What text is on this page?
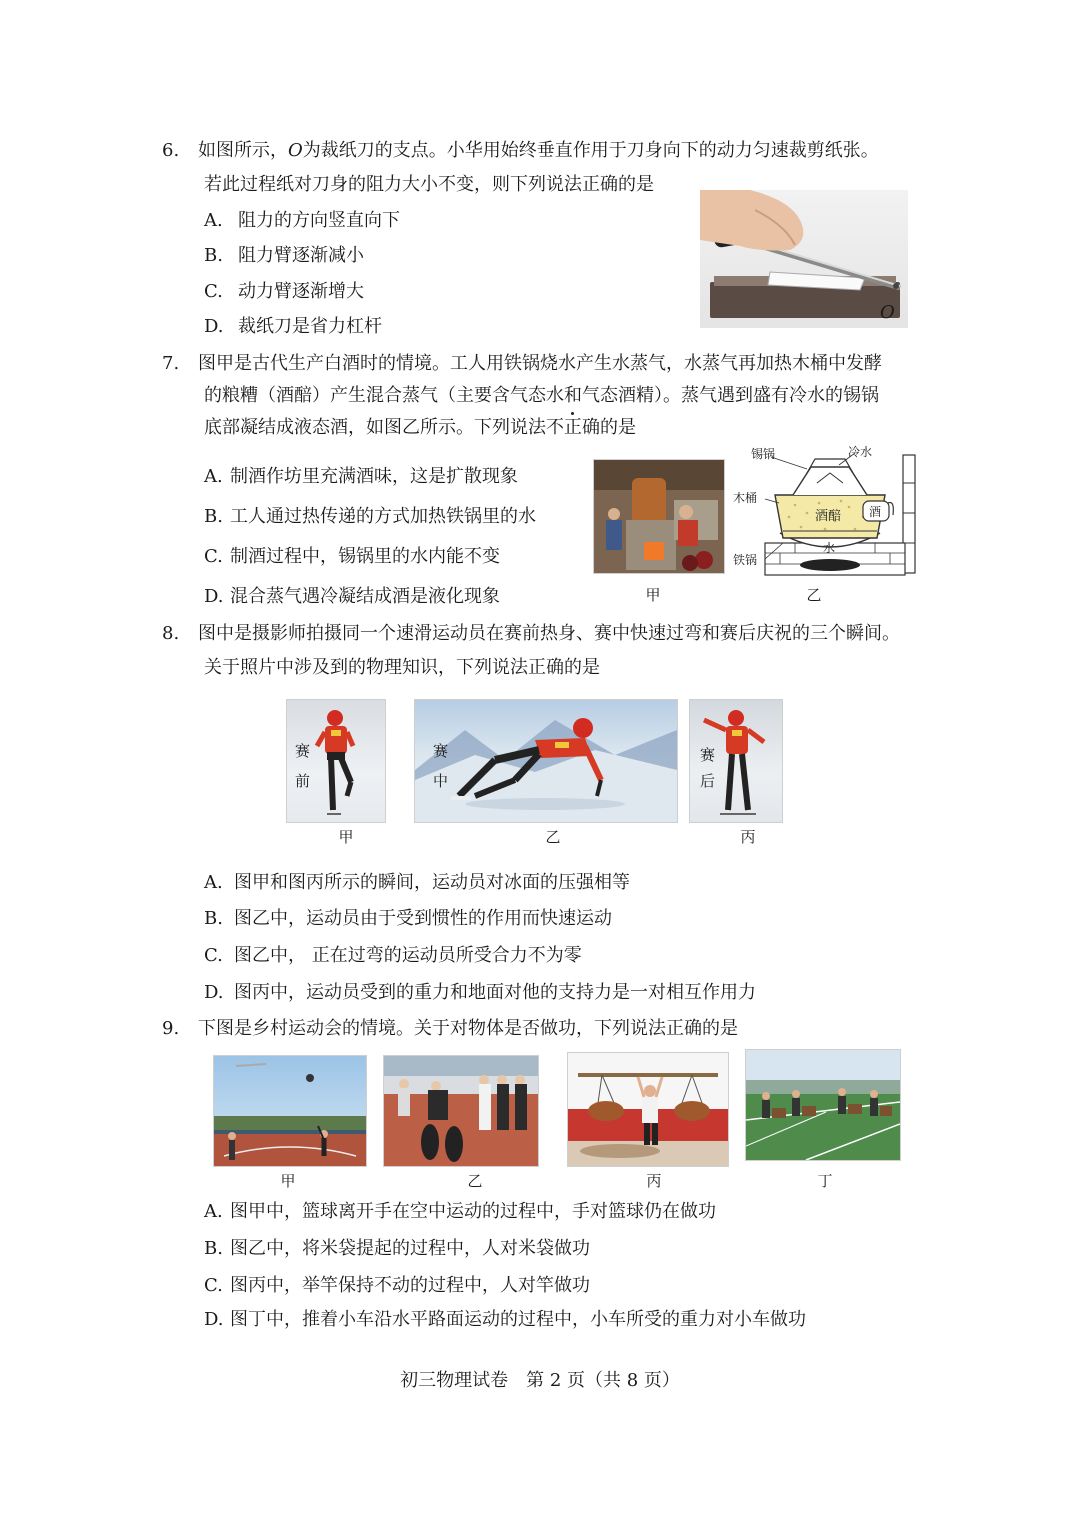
6. 如图所示，O为裁纸刀的支点。小华用始终垂直作用于刀身向下的动力匀速裁剪纸张。
若此过程纸对刀身的阻力大小不变，则下列说法正确的是
A. 阻力的方向竖直向下
B. 阻力臂逐渐减小
C. 动力臂逐渐增大
D. 裁纸刀是省力杠杆
O
7. 图甲是古代生产白酒时的情境。工人用铁锅烧水产生水蒸气，水蒸气再加热木桶中发酵
的粮糟（酒醅）产生混合蒸气（主要含气态水和气态酒精）。蒸气遇到盛有冷水的锡锅
底部凝结成液态酒，如图乙所示。下列说法不正确的是
A. 制酒作坊里充满酒味，这是扩散现象
B. 工人通过热传递的方式加热铁锅里的水
C. 制酒过程中，锡锅里的水内能不变
D. 混合蒸气遇冷凝结成酒是液化现象	甲
锡锅	冷水
木桶
酒醅 酒
水
铁锅
乙
8. 图中是摄影师拍摄同一个速滑运动员在赛前热身、赛中快速过弯和赛后庆祝的三个瞬间。
关于照片中涉及到的物理知识，下列说法正确的是
赛
前
甲
赛
中
乙
赛
后
丙
A. 图甲和图丙所示的瞬间，运动员对冰面的压强相等
B. 图乙中，运动员由于受到惯性的作用而快速运动
C. 图乙中， 正在过弯的运动员所受合力不为零
D. 图丙中，运动员受到的重力和地面对他的支持力是一对相互作用力
9. 下图是乡村运动会的情境。关于对物体是否做功，下列说法正确的是
甲	乙	丙	丁
A. 图甲中，篮球离开手在空中运动的过程中，手对篮球仍在做功
B. 图乙中，将米袋提起的过程中，人对米袋做功
C. 图丙中，举竿保持不动的过程中，人对竿做功
D. 图丁中，推着小车沿水平路面运动的过程中，小车所受的重力对小车做功
初三物理试卷　第 2 页（共 8 页）
